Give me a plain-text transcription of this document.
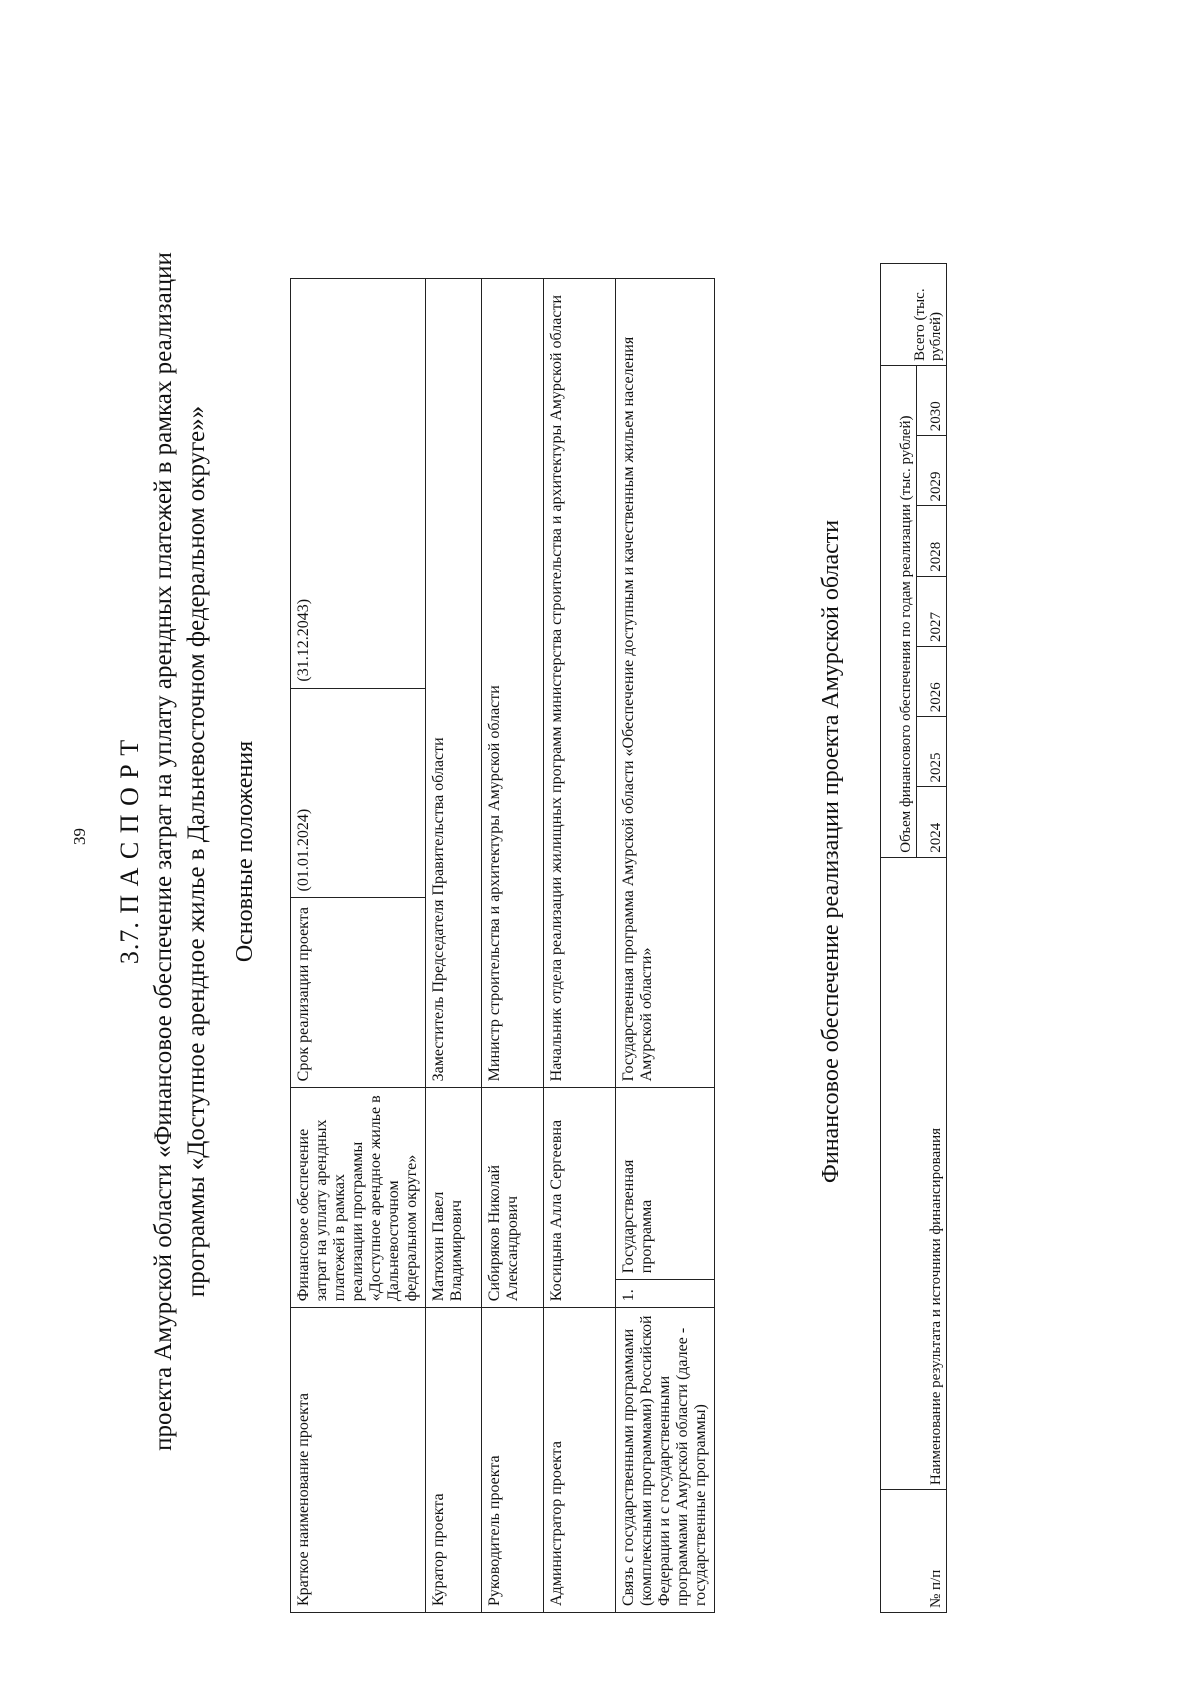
39 3.7. П А С П О Р Т проекта Амурской области «Финансовое обеспечение затрат на уплату арендных платежей в рамках реализации программы «Доступное арендное жилье в Дальневосточном федеральном округе»» Основные положения
Краткое наименование проекта	Финансовое обеспечение затрат на уплату арендных платежей в рамках реализации программы «Доступное арендное жилье в Дальневосточном федеральном округе»		Срок реализации проекта	(01.01.2024)	(31.12.2043)
Куратор проекта	Матюхин Павел Владимирович		Заместитель Председателя Правительства области		
Руководитель проекта	Сибиряков Николай Александрович		Министр строительства и архитектуры Амурской области		
Администратор проекта	Косицына Алла Сергеевна		Начальник отдела реализации жилищных программ министерства строительства и архитектуры Амурской области		
Связь с государственными программами (комплексными программами) Российской Федерации и с государственными программами Амурской области (далее - государственные программы)	1.	Государственная программа	Государственная программа Амурской области «Обеспечение доступным и качественным жильем населения Амурской области»			Финансовое обеспечение реализации проекта Амурской области
№ п/п	Наименование результата и источники финансирования	Объем финансового обеспечения по годам реализации (тыс. рублей)							Всего (тыс. рублей)
		2024	2025	2026	2027	2028	2029	2030	
